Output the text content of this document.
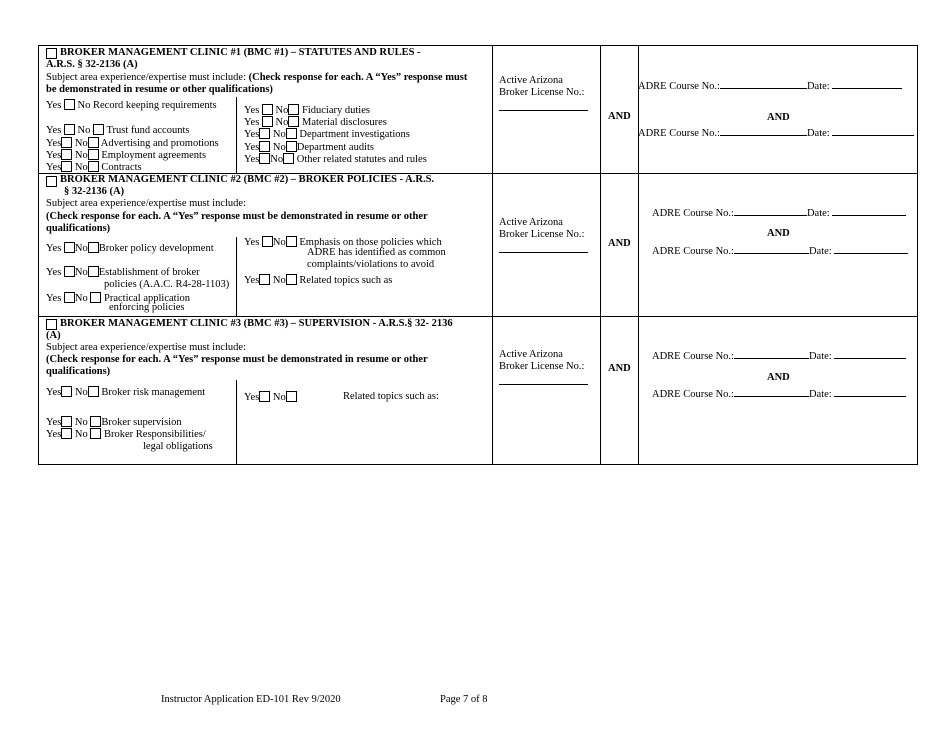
BROKER MANAGEMENT CLINIC #1 (BMC #1) – STATUTES AND RULES -
A.R.S. § 32-2136 (A)
Subject area experience/expertise must include: (Check response for each. A “Yes” response must
be demonstrated in resume or other qualifications)
Yes No Record keeping requirements
Yes No Trust fund accounts
Yes No Advertising and promotions
Yes No Employment agreements
Yes No Contracts
Yes No Fiduciary duties
Yes No Material disclosures
Yes No Department investigations
Yes No Department audits
Yes No Other related statutes and rules
Active Arizona
Broker License No.:
AND
ADRE Course No.:	Date:
AND
ADRE Course No.:	Date:
BROKER MANAGEMENT CLINIC #2 (BMC #2) – BROKER POLICIES - A.R.S.
§ 32-2136 (A)
Subject area experience/expertise must include:
(Check response for each. A “Yes” response must be demonstrated in resume or other
qualifications)
Yes No Broker policy development
Yes No Establishment of broker
policies (A.A.C. R4-28-1103)
Yes No Practical application
enforcing policies
Yes No Emphasis on those policies which
ADRE has identified as common
complaints/violations to avoid
Yes No Related topics such as
Active Arizona
Broker License No.:
AND
ADRE Course No.:	Date:
AND
ADRE Course No.:	Date:
BROKER MANAGEMENT CLINIC #3 (BMC #3) – SUPERVISION - A.R.S.§ 32- 2136
(A)
Subject area experience/expertise must include:
(Check response for each. A “Yes” response must be demonstrated in resume or other
qualifications)
Yes No Broker risk management
Yes No Broker supervision
Yes No Broker Responsibilities/
legal obligations
Yes No	Related topics such as:
Active Arizona
Broker License No.: AND
ADRE Course No.:	Date:
AND
ADRE Course No.:	Date:
Instructor Application ED-101 Rev 9/2020	Page 7 of 8
